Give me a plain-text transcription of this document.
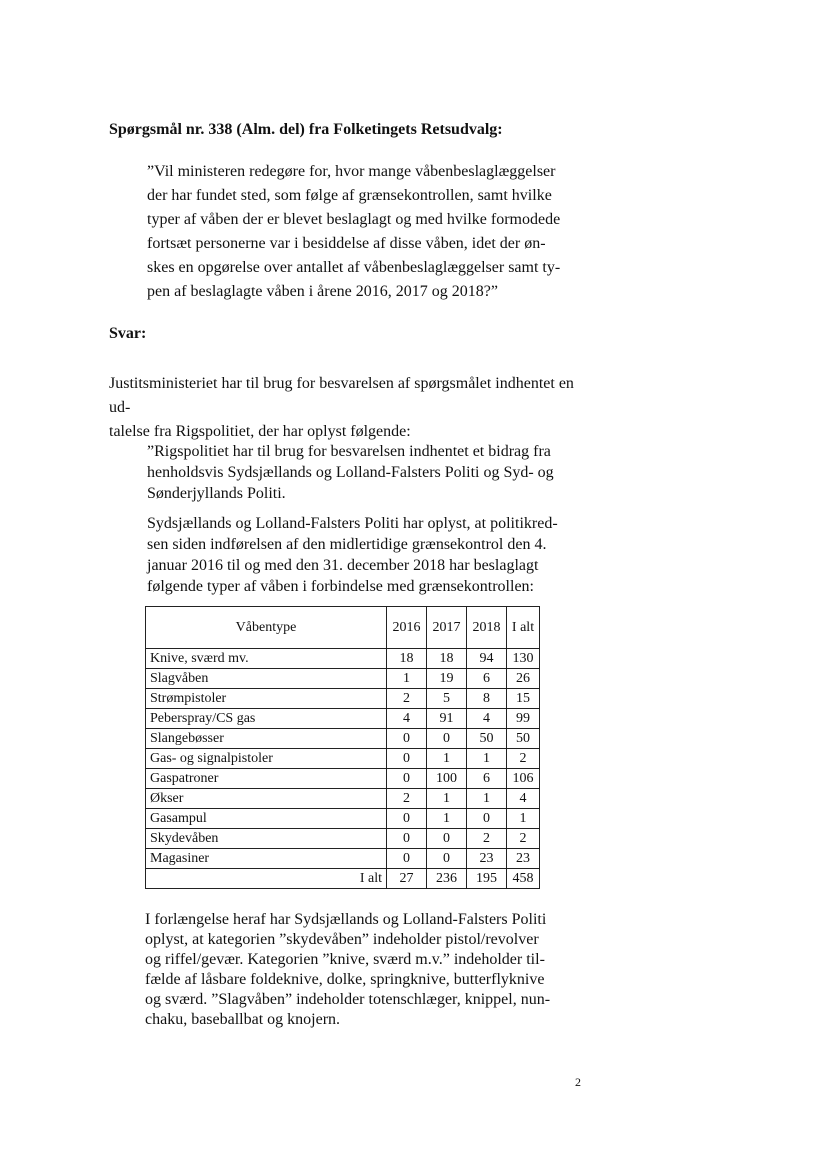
Spørgsmål nr. 338 (Alm. del) fra Folketingets Retsudvalg:

”Vil ministeren redegøre for, hvor mange våbenbeslaglæggelser

der har fundet sted, som følge af grænsekontrollen, samt hvilke

typer af våben der er blevet beslaglagt og med hvilke formodede

fortsæt personerne var i besiddelse af disse våben, idet der øn-

skes en opgørelse over antallet af våbenbeslaglæggelser samt ty-

pen af beslaglagte våben i årene 2016, 2017 og 2018?”

Svar:

Justitsministeriet har til brug for besvarelsen af spørgsmålet indhentet en ud-

talelse fra Rigspolitiet, der har oplyst følgende:

”Rigspolitiet har til brug for besvarelsen indhentet et bidrag fra

henholdsvis Sydsjællands og Lolland-Falsters Politi og Syd- og

Sønderjyllands Politi.

Sydsjællands og Lolland-Falsters Politi har oplyst, at politikred-

sen siden indførelsen af den midlertidige grænsekontrol den 4.

januar 2016 til og med den 31. december 2018 har beslaglagt

følgende typer af våben i forbindelse med grænsekontrollen:

Våbentype	2016	2017	2018	I alt
Knive, sværd mv.	18	18	94	130
Slagvåben	1	19	6	26
Strømpistoler	2	5	8	15
Peberspray/CS gas	4	91	4	99
Slangebøsser	0	0	50	50
Gas- og signalpistoler	0	1	1	2
Gaspatroner	0	100	6	106
Økser	2	1	1	4
Gasampul	0	1	0	1
Skydevåben	0	0	2	2
Magasiner	0	0	23	23
I alt	27	236	195	458

I forlængelse heraf har Sydsjællands og Lolland-Falsters Politi

oplyst, at kategorien ”skydevåben” indeholder pistol/revolver

og riffel/gevær. Kategorien ”knive, sværd m.v.” indeholder til-

fælde af låsbare foldeknive, dolke, springknive, butterflyknive

og sværd. ”Slagvåben” indeholder totenschlæger, knippel, nun-

chaku, baseballbat og knojern.

2
